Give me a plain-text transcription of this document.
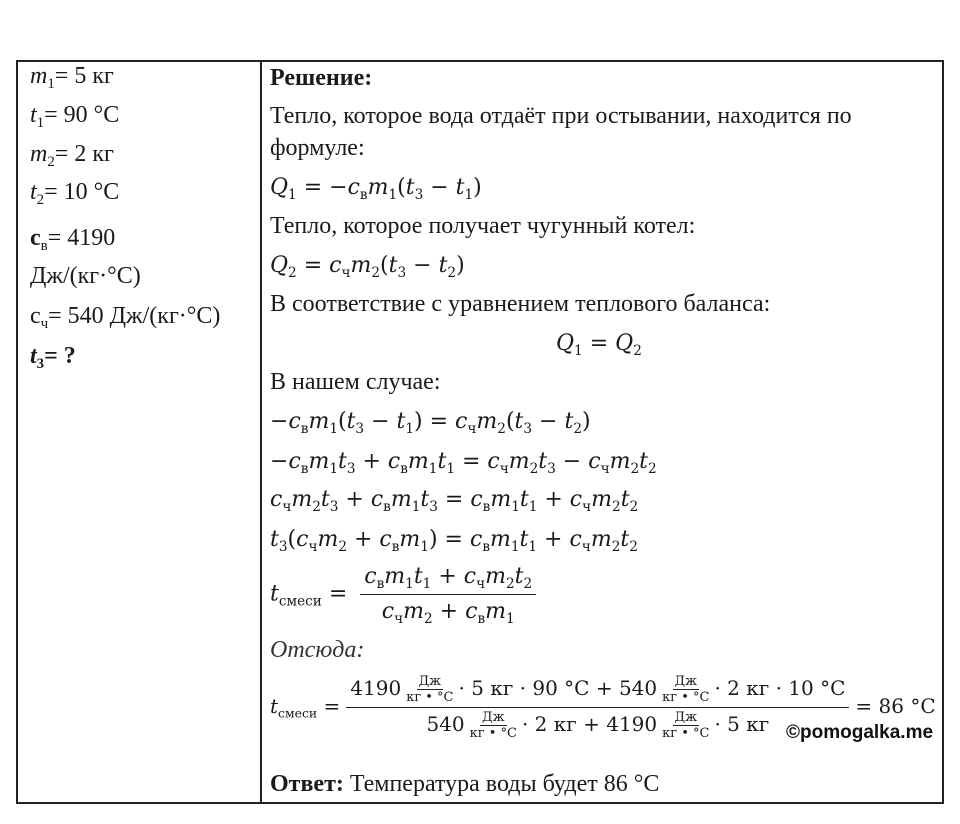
$m_1= 5$ кг
$t_1= 90$ °C
$m_2= 2$ кг
$t_2= 10$ °C
$c_в= 4190$
Дж/(кг·°C)
$с_ч= 540$ Дж/(кг·°C)
$t_3=$ ?
Решение:
Тепло, которое вода отдаёт при остывании, находится по
формуле:
$Q_1 = -c_вm_1(t_3 - t_1)$
Тепло, которое получает чугунный котел:
$Q_2 = c_чm_2(t_3 - t_2)$
В соответствие с уравнением теплового баланса:
$Q_1 = Q_2$
В нашем случае:
$-c_вm_1(t_3 - t_1) = c_чm_2(t_3 - t_2)$
$-c_вm_1t_3 + c_вm_1t_1 = c_чm_2t_3 - c_чm_2t_2$
$c_чm_2t_3 + c_вm_1t_3 = c_вm_1t_1 + c_чm_2t_2$
$t_3(c_чm_2 + c_вm_1) = c_вm_1t_1 + c_чm_2t_2$
$t_{смеси} = \frac{c_вm_1t_1 + c_чm_2t_2}{c_чm_2 + c_вm_1}$
Отсюда:
$t_{смеси} = 4190$ Дж
кг • °C · 5 кг · 90 °C + 540 Дж
кг • °C · 2 кг · 10 °C
540 Дж
кг • °C · 2 кг + 4190 Дж
кг • °C · 5 кг = 86 °C
Ответ: Температура воды будет 86 °C
©pomogalka.me
